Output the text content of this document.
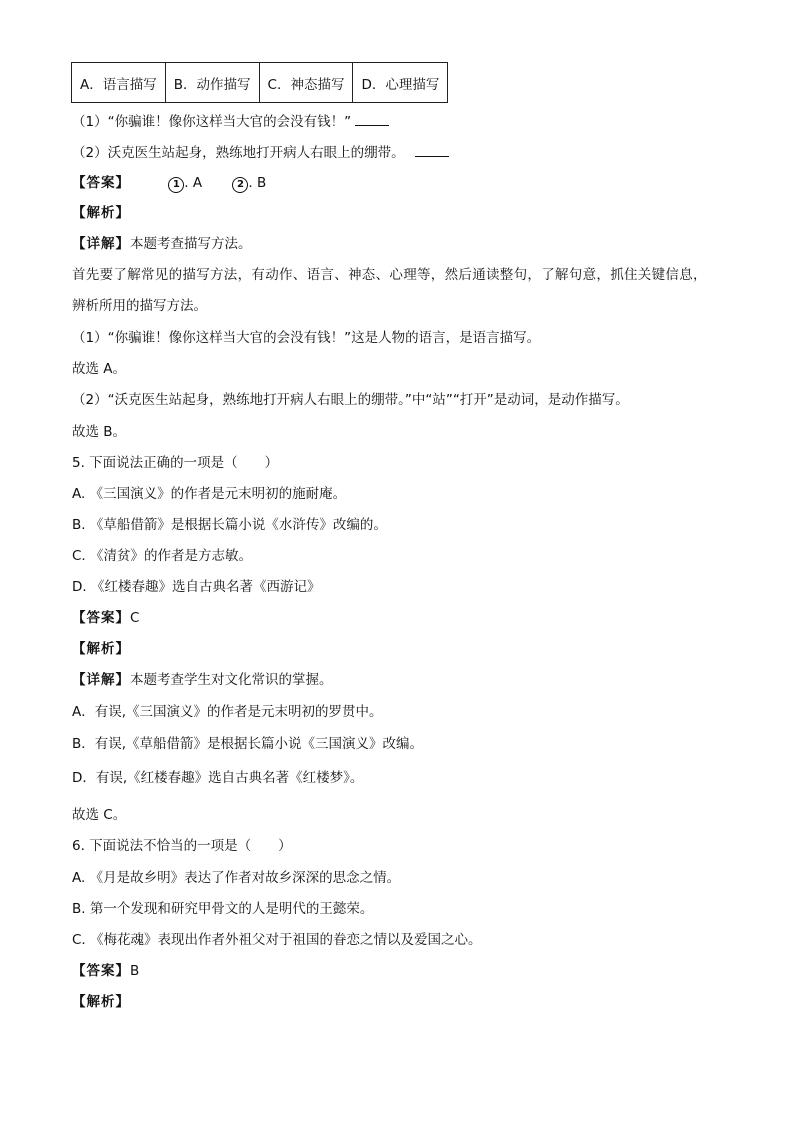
A．语言描写	B．动作描写	C．神态描写	D．心理描写
（1）“你骗谁！像你这样当大官的会没有钱！”
（2）沃克医生站起身，熟练地打开病人右眼上的绷带。
【答案】	1 . A	2 . B
【解析】
【详解】本题考查描写方法。
首先要了解常见的描写方法，有动作、语言、神态、心理等，然后通读整句，了解句意，抓住关键信息，
辨析所用的描写方法。
（1）“你骗谁！像你这样当大官的会没有钱！”这是人物的语言，是语言描写。
故选 A。
（2）“沃克医生站起身，熟练地打开病人右眼上的绷带。”中“站”“打开”是动词，是动作描写。
故选 B。
5. 下面说法正确的一项是（　　）
A. 《三国演义》的作者是元末明初的施耐庵。
B. 《草船借箭》是根据长篇小说《水浒传》改编的。
C. 《清贫》的作者是方志敏。
D. 《红楼春趣》选自古典名著《西游记》
【答案】C
【解析】
【详解】本题考查学生对文化常识的掌握。
A．有误,《三国演义》的作者是元末明初的罗贯中。
B．有误,《草船借箭》是根据长篇小说《三国演义》改编。
D．有误,《红楼春趣》选自古典名著《红楼梦》。
故选 C。
6. 下面说法不恰当的一项是（　　）
A. 《月是故乡明》表达了作者对故乡深深的思念之情。
B. 第一个发现和研究甲骨文的人是明代的王懿荣。
C. 《梅花魂》表现出作者外祖父对于祖国的眷恋之情以及爱国之心。
【答案】B
【解析】
